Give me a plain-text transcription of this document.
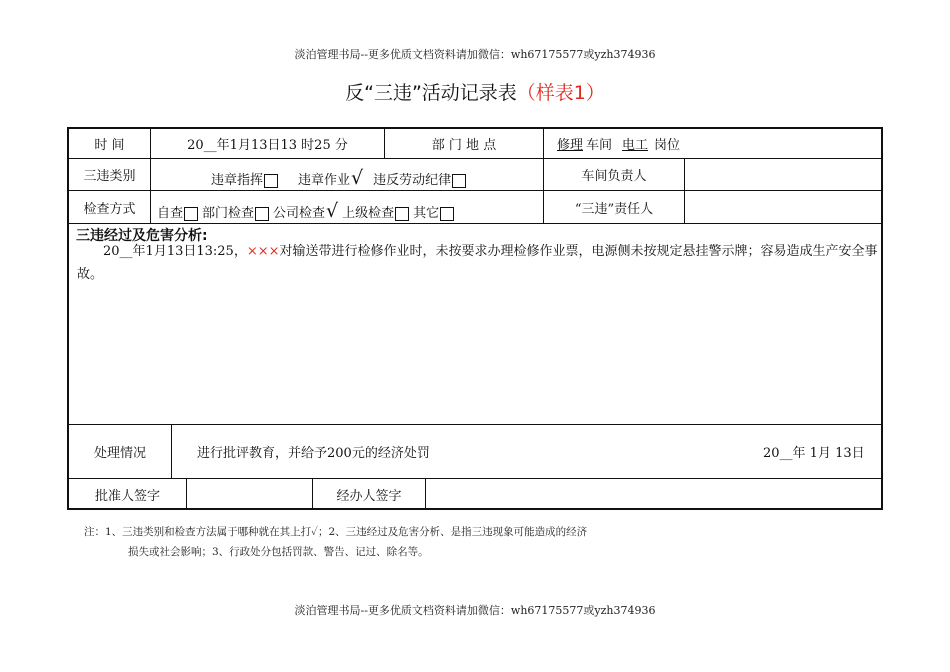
淡泊管理书局--更多优质文档资料请加微信：wh67175577或yzh374936
反“三违”活动记录表（样表1）
时 间	20__年1月13日13 时25 分	部 门 地 点	修理 车间 电工 岗位
三违类别	违章指挥	违章作业 √ 违反劳动纪律	车间负责人
检查方式	自查 部门检查 公司检查 √ 上级检查 其它	“三违”责任人
三违经过及危害分析:
20__年1月13日13:25，×××对输送带进行检修作业时，未按要求办理检修作业票，电源侧未按规定悬挂警示牌；容易造成生产安全事故。
处理情况	进行批评教育，并给予200元的经济处罚	20__年 1月 13日
批准人签字	经办人签字
注：1、三违类别和检查方法属于哪种就在其上打✓；2、三违经过及危害分析、是指三违现象可能造成的经济
损失或社会影响；3、行政处分包括罚款、警告、记过、除名等。
淡泊管理书局--更多优质文档资料请加微信：wh67175577或yzh374936
